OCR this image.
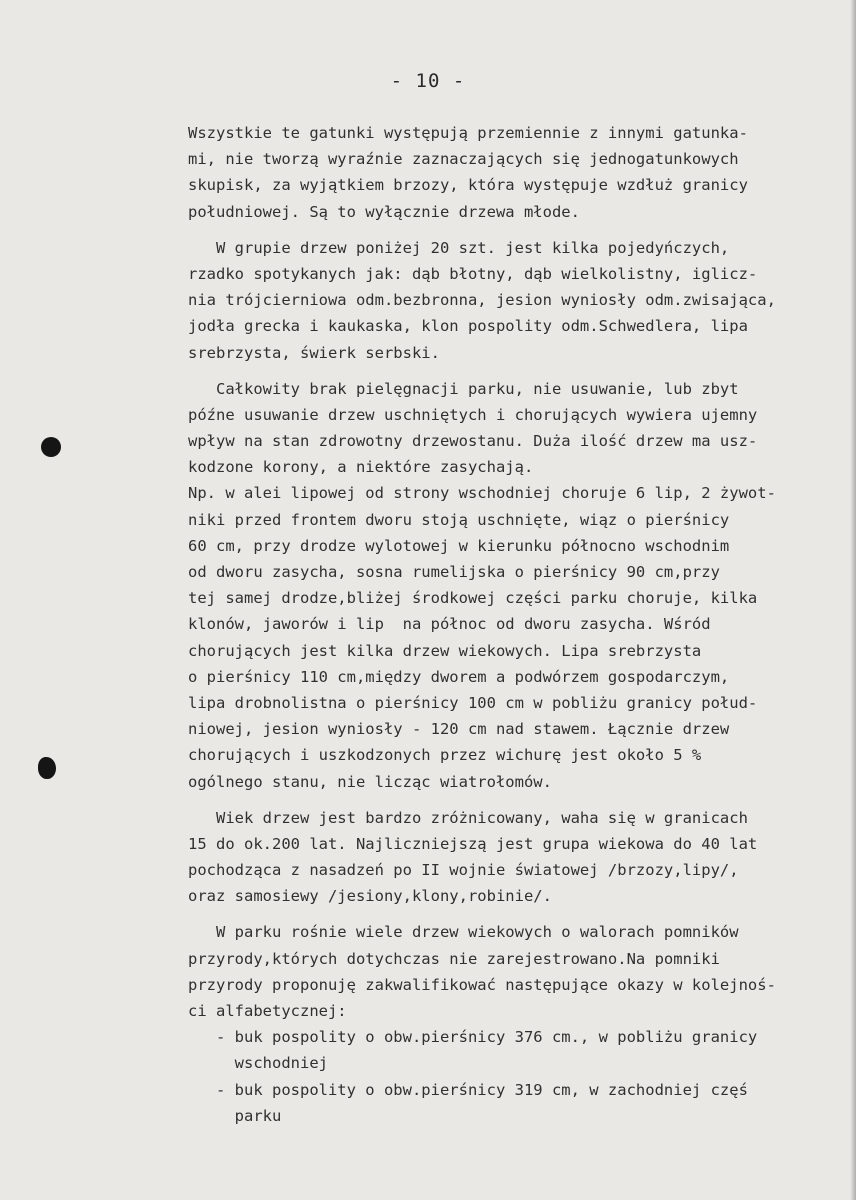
- 10 -
Wszystkie te gatunki występują przemiennie z innymi gatunka-
mi, nie tworzą wyraźnie zaznaczających się jednogatunkowych
skupisk, za wyjątkiem brzozy, która występuje wzdłuż granicy
południowej. Są to wyłącznie drzewa młode.
W grupie drzew poniżej 20 szt. jest kilka pojedyńczych,
rzadko spotykanych jak: dąb błotny, dąb wielkolistny, iglicz-
nia trójcierniowa odm.bezbronna, jesion wyniosły odm.zwisająca,
jodła grecka i kaukaska, klon pospolity odm.Schwedlera, lipa
srebrzysta, świerk serbski.
Całkowity brak pielęgnacji parku, nie usuwanie, lub zbyt
późne usuwanie drzew uschniętych i chorujących wywiera ujemny
wpływ na stan zdrowotny drzewostanu. Duża ilość drzew ma usz-
kodzone korony, a niektóre zasychają.
Np. w alei lipowej od strony wschodniej choruje 6 lip, 2 żywot-
niki przed frontem dworu stoją uschnięte, wiąz o pierśnicy
60 cm, przy drodze wylotowej w kierunku północno wschodnim
od dworu zasycha, sosna rumelijska o pierśnicy 90 cm,przy
tej samej drodze,bliżej środkowej części parku choruje, kilka
klonów, jaworów i lip  na północ od dworu zasycha. Wśród
chorujących jest kilka drzew wiekowych. Lipa srebrzysta
o pierśnicy 110 cm,między dworem a podwórzem gospodarczym,
lipa drobnolistna o pierśnicy 100 cm w pobliżu granicy połud-
niowej, jesion wyniosły - 120 cm nad stawem. Łącznie drzew
chorujących i uszkodzonych przez wichurę jest około 5 %
ogólnego stanu, nie licząc wiatrołomów.
Wiek drzew jest bardzo zróżnicowany, waha się w granicach
15 do ok.200 lat. Najliczniejszą jest grupa wiekowa do 40 lat
pochodząca z nasadzeń po II wojnie światowej /brzozy,lipy/,
oraz samosiewy /jesiony,klony,robinie/.
W parku rośnie wiele drzew wiekowych o walorach pomników
przyrody,których dotychczas nie zarejestrowano.Na pomniki
przyrody proponuję zakwalifikować następujące okazy w kolejnoś-
ci alfabetycznej:
- buk pospolity o obw.pierśnicy 376 cm., w pobliżu granicy
wschodniej
- buk pospolity o obw.pierśnicy 319 cm, w zachodniej częś
parku
